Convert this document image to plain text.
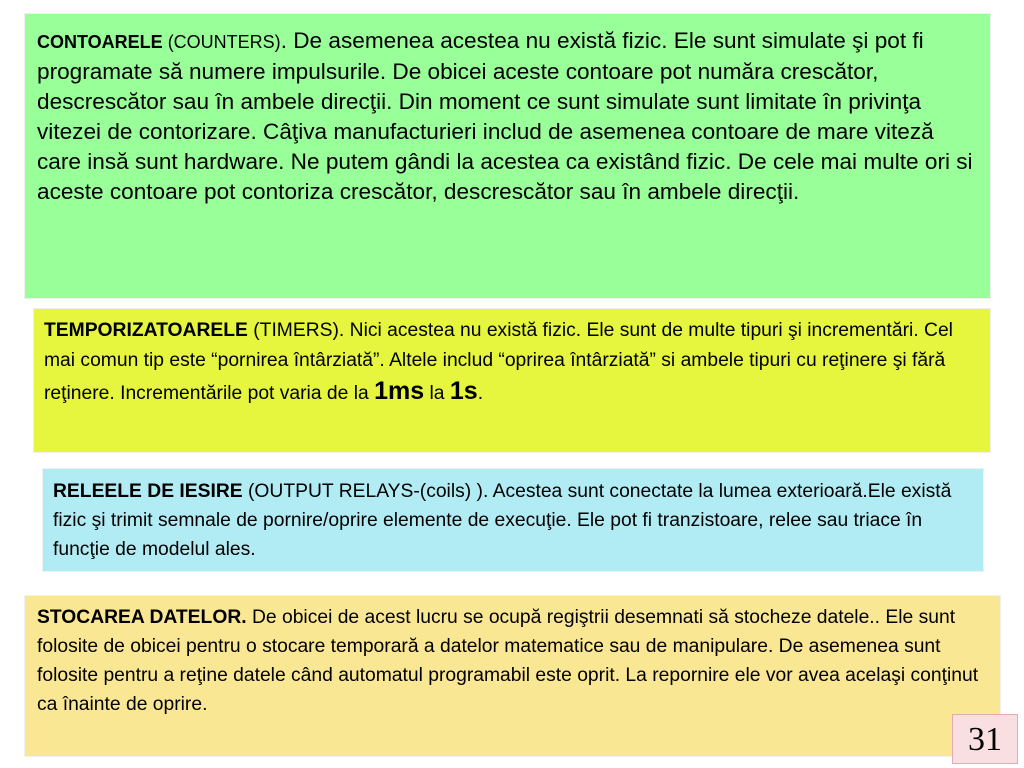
CONTOARELE (COUNTERS). De asemenea acestea nu există fizic. Ele sunt simulate şi pot fi programate să numere impulsurile. De obicei aceste contoare pot număra crescător, descrescător sau în ambele direcţii. Din moment ce sunt simulate sunt limitate în privinţa vitezei de contorizare. Câţiva manufacturieri includ de asemenea contoare de mare viteză care insă sunt hardware. Ne putem gândi la acestea ca existând fizic. De cele mai multe ori si aceste contoare pot contoriza crescător, descrescător sau în ambele direcţii.

TEMPORIZATOARELE (TIMERS). Nici acestea nu există fizic. Ele sunt de multe tipuri şi incrementări. Cel mai comun tip este “pornirea întârziată”. Altele includ “oprirea întârziată” si ambele tipuri cu reţinere şi fără reţinere. Incrementările pot varia de la 1ms la 1s.

RELEELE DE IESIRE (OUTPUT RELAYS-(coils) ). Acestea sunt conectate la lumea exterioară.Ele există fizic şi trimit semnale de pornire/oprire elemente de execuţie. Ele pot fi tranzistoare, relee sau triace în funcţie de modelul ales.

STOCAREA DATELOR. De obicei de acest lucru se ocupă regiştrii desemnati să stocheze datele.. Ele sunt folosite de obicei pentru o stocare temporară a datelor matematice sau de manipulare. De asemenea sunt folosite pentru a reţine datele când automatul programabil este oprit. La repornire ele vor avea acelaşi conţinut ca înainte de oprire.

31
